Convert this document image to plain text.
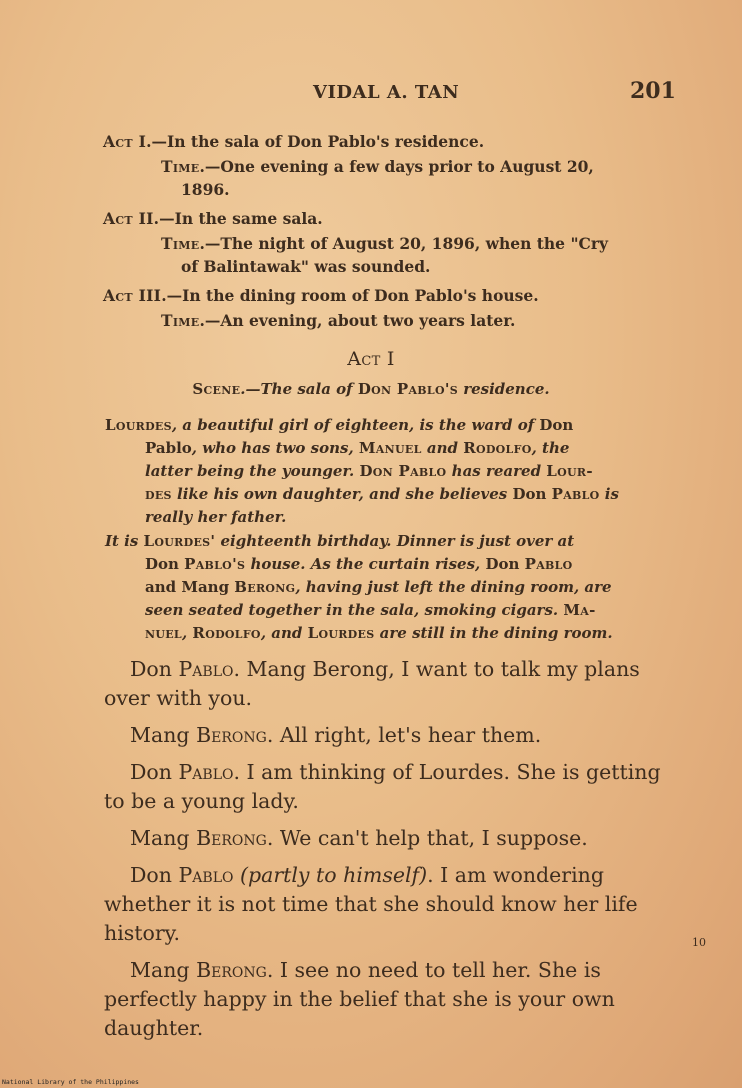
VIDAL A. TAN	201

Act I.—In the sala of Don Pablo's residence.

Time.—One evening a few days prior to August 20,
1896.

Act II.—In the same sala.

Time.—The night of August 20, 1896, when the "Cry
of Balintawak" was sounded.

Act III.—In the dining room of Don Pablo's house.

Time.—An evening, about two years later.

Act I
Scene.—The sala of Don Pablo's residence.

Lourdes, a beautiful girl of eighteen, is the ward of Don
Pablo, who has two sons, Manuel and Rodolfo, the
latter being the younger. Don Pablo has reared Lour-
des like his own daughter, and she believes Don Pablo is
really her father.

It is Lourdes' eighteenth birthday. Dinner is just over at
Don Pablo's house. As the curtain rises, Don Pablo
and Mang Berong, having just left the dining room, are
seen seated together in the sala, smoking cigars. Ma-
nuel, Rodolfo, and Lourdes are still in the dining room.

Don Pablo. Mang Berong, I want to talk my plans over with you.

Mang Berong. All right, let's hear them.

Don Pablo. I am thinking of Lourdes. She is getting to be a young lady.

Mang Berong. We can't help that, I suppose.

Don Pablo (partly to himself). I am wondering whether it is not time that she should know her life history.

Mang Berong. I see no need to tell her. She is perfectly happy in the belief that she is your own daughter.

10
National Library of the Philippines
